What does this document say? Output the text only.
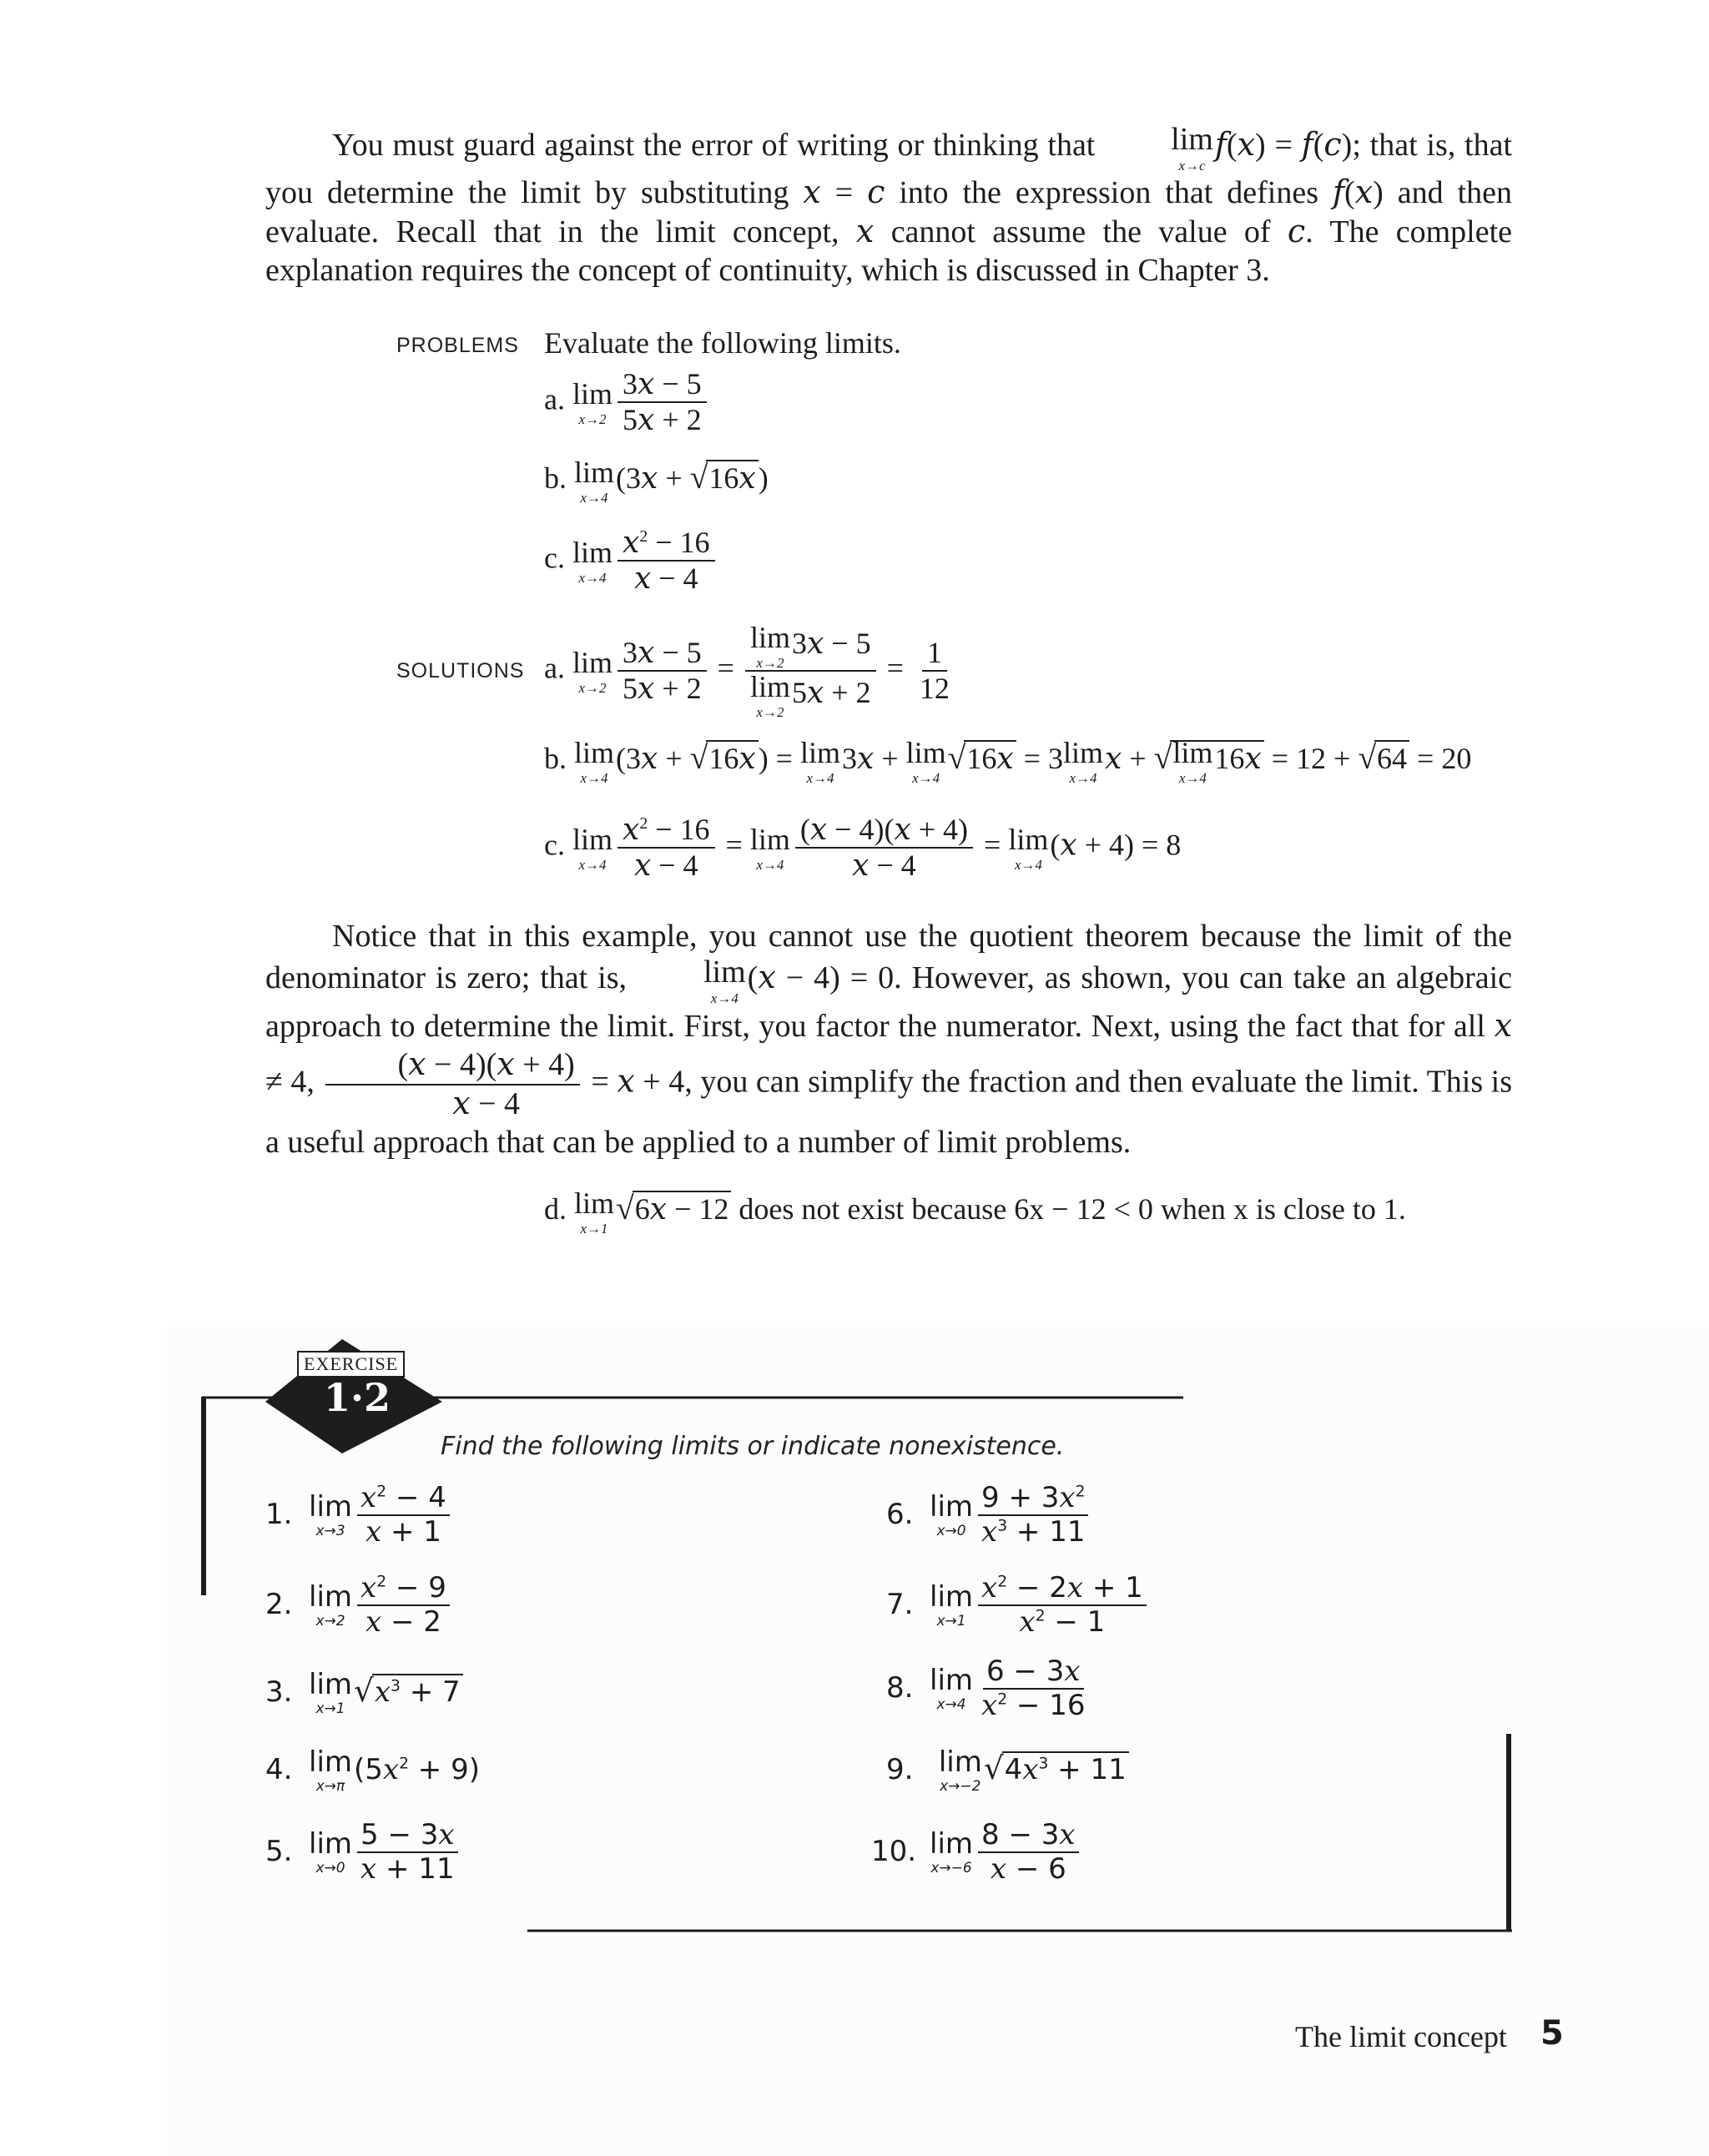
You must guard against the error of writing or thinking that	lim
x→c
f(x) = f(c); that is, that you determine the limit by substituting x = c into the expression that defines f(x) and then evaluate. Recall that in the limit concept, x cannot assume the value of c. The complete explanation requires the concept of continuity, which is discussed in Chapter 3.
PROBLEMS Evaluate the following limits.
a. lim
$x\to 2 \frac{3x - 5}{5x + 2}$
b. lim
x→4
(3x + √16x)
c. lim
$x\to 4 \frac{x^2 - 16}{x - 4}$
SOLUTIONS a. lim
$x\to 2 \frac{3x - 5}{5x + 2} = \lim$
x→2
3x − 5
lim
x→2
$5x + 2 = \frac{1}{12}$
b. lim
x→4
(3x + √16x) = lim
x→4
3x + lim
x→4
√16x = 3 lim
x→4
x + √ lim
x→4
16x = 12 + √64 = 20
c. lim
$x\to 4 \frac{x^2 - 16}{x - 4} = \lim$
$x\to 4 \frac{(x - 4)(x + 4)}{x - 4} = \lim$
x→4
(x + 4) = 8
Notice that in this example, you cannot use the quotient theorem because the limit of the denominator is zero; that is,	lim
x→4
(x − 4) = 0. However, as shown, you can take an algebraic approach to determine the limit. First, you factor the numerator. Next, using the fact that for all x ≠ 4, $\frac{(x - 4)(x + 4)}{x - 4} = x + 4$, you can simplify the fraction and then evaluate the limit. This is a useful approach that can be applied to a number of limit problems.
d. lim
x→1
√6x − 12 does not exist because 6x − 12 < 0 when x is close to 1.
EXERCISE
1·2
Find the following limits or indicate nonexistence.
1. lim
$x\to 3 \frac{x^2 - 4}{x + 1}$
2. lim
$x\to 2 \frac{x^2 - 9}{x - 2}$
3. lim
x→1 $√x^3 + 7$
4. lim
x→π $(5x^2 + 9)$
5. lim
$x\to 0 \frac{5 - 3x}{x + 11}$
6. lim
$x\to 0 \frac{9 + 3x^2}{x^3 + 11}$
7. lim
$x\to 1 \frac{x^2 - 2x + 1}{x^2 - 1}$
8. lim
$x\to 4 \frac{6 - 3x}{x^2 - 16}$
9. lim
x→−2 $√4x^3 + 11$
10. lim
$x\to-6 \frac{8 - 3x}{x - 6}$
The limit concept 5
